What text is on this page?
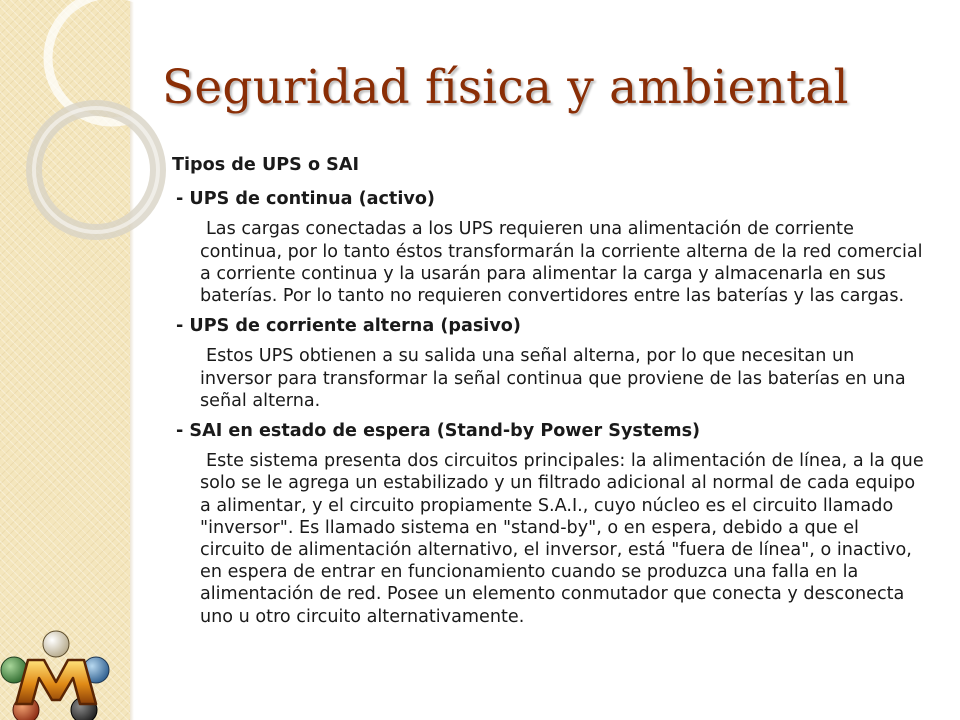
Seguridad física y ambiental
Tipos de UPS o SAI
- UPS de continua (activo)
Las cargas conectadas a los UPS requieren una alimentación de corriente continua, por lo tanto éstos transformarán la corriente alterna de la red comercial a corriente continua y la usarán para alimentar la carga y almacenarla en sus baterías. Por lo tanto no requieren convertidores entre las baterías y las cargas.
- UPS de corriente alterna (pasivo)
Estos UPS obtienen a su salida una señal alterna, por lo que necesitan un inversor para transformar la señal continua que proviene de las baterías en una señal alterna.
- SAI en estado de espera (Stand-by Power Systems)
Este sistema presenta dos circuitos principales: la alimentación de línea, a la que solo se le agrega un estabilizado y un filtrado adicional al normal de cada equipo a alimentar, y el circuito propiamente S.A.I., cuyo núcleo es el circuito llamado "inversor". Es llamado sistema en "stand-by", o en espera, debido a que el circuito de alimentación alternativo, el inversor, está "fuera de línea", o inactivo, en espera de entrar en funcionamiento cuando se produzca una falla en la alimentación de red. Posee un elemento conmutador que conecta y desconecta uno u otro circuito alternativamente.
